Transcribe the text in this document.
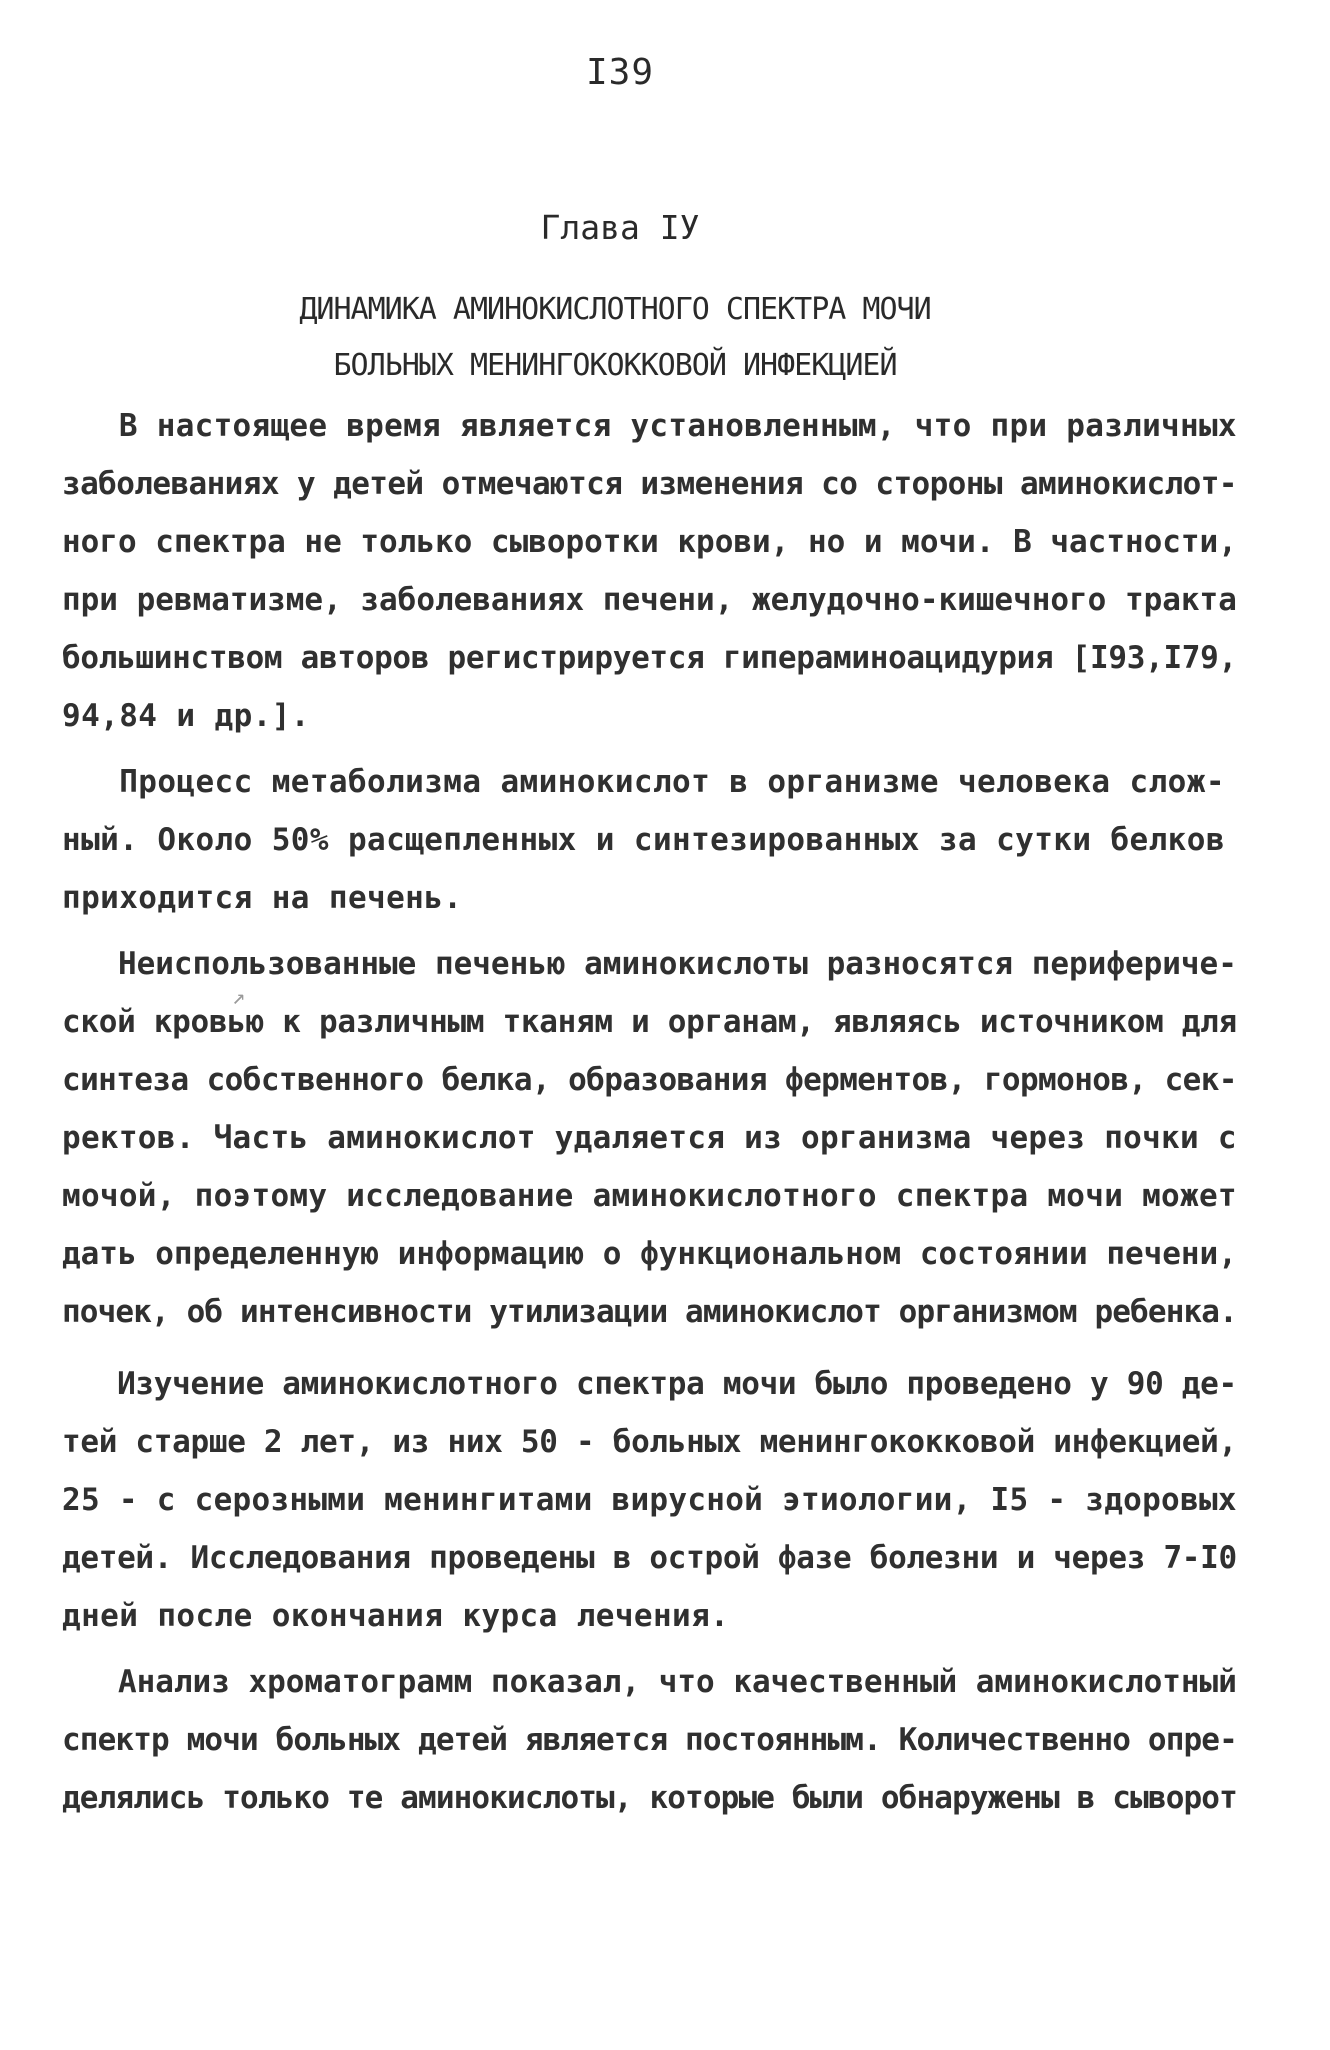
I39
Глава IУ
ДИНАМИКА АМИНОКИСЛОТНОГО СПЕКТРА МОЧИ
БОЛЬНЫХ МЕНИНГОКОККОВОЙ ИНФЕКЦИЕЙ
В настоящее время является установленным, что при различных
заболеваниях у детей отмечаются изменения со стороны аминокислот-
ного спектра не только сыворотки крови, но и мочи. В частности,
при ревматизме, заболеваниях печени, желудочно-кишечного тракта
большинством авторов регистрируется гипераминоацидурия [I93,I79,
94,84 и др.].
Процесс метаболизма аминокислот в организме человека слож-
ный. Около 50% расщепленных и синтезированных за сутки белков
приходится на печень.
Неиспользованные печенью аминокислоты разносятся перифериче-
ской кровью к различным тканям и органам, являясь источником для
синтеза собственного белка, образования ферментов, гормонов, сек-
ректов. Часть аминокислот удаляется из организма через почки с
мочой, поэтому исследование аминокислотного спектра мочи может
дать определенную информацию о функциональном состоянии печени,
почек, об интенсивности утилизации аминокислот организмом ребенка.
Изучение аминокислотного спектра мочи было проведено у 90 де-
тей старше 2 лет, из них 50 - больных менингококковой инфекцией,
25 - с серозными менингитами вирусной этиологии, I5 - здоровых
детей. Исследования проведены в острой фазе болезни и через 7-I0
дней после окончания курса лечения.
Анализ хроматограмм показал, что качественный аминокислотный
спектр мочи больных детей является постоянным. Количественно опре-
делялись только те аминокислоты, которые были обнаружены в сыворот
↗
